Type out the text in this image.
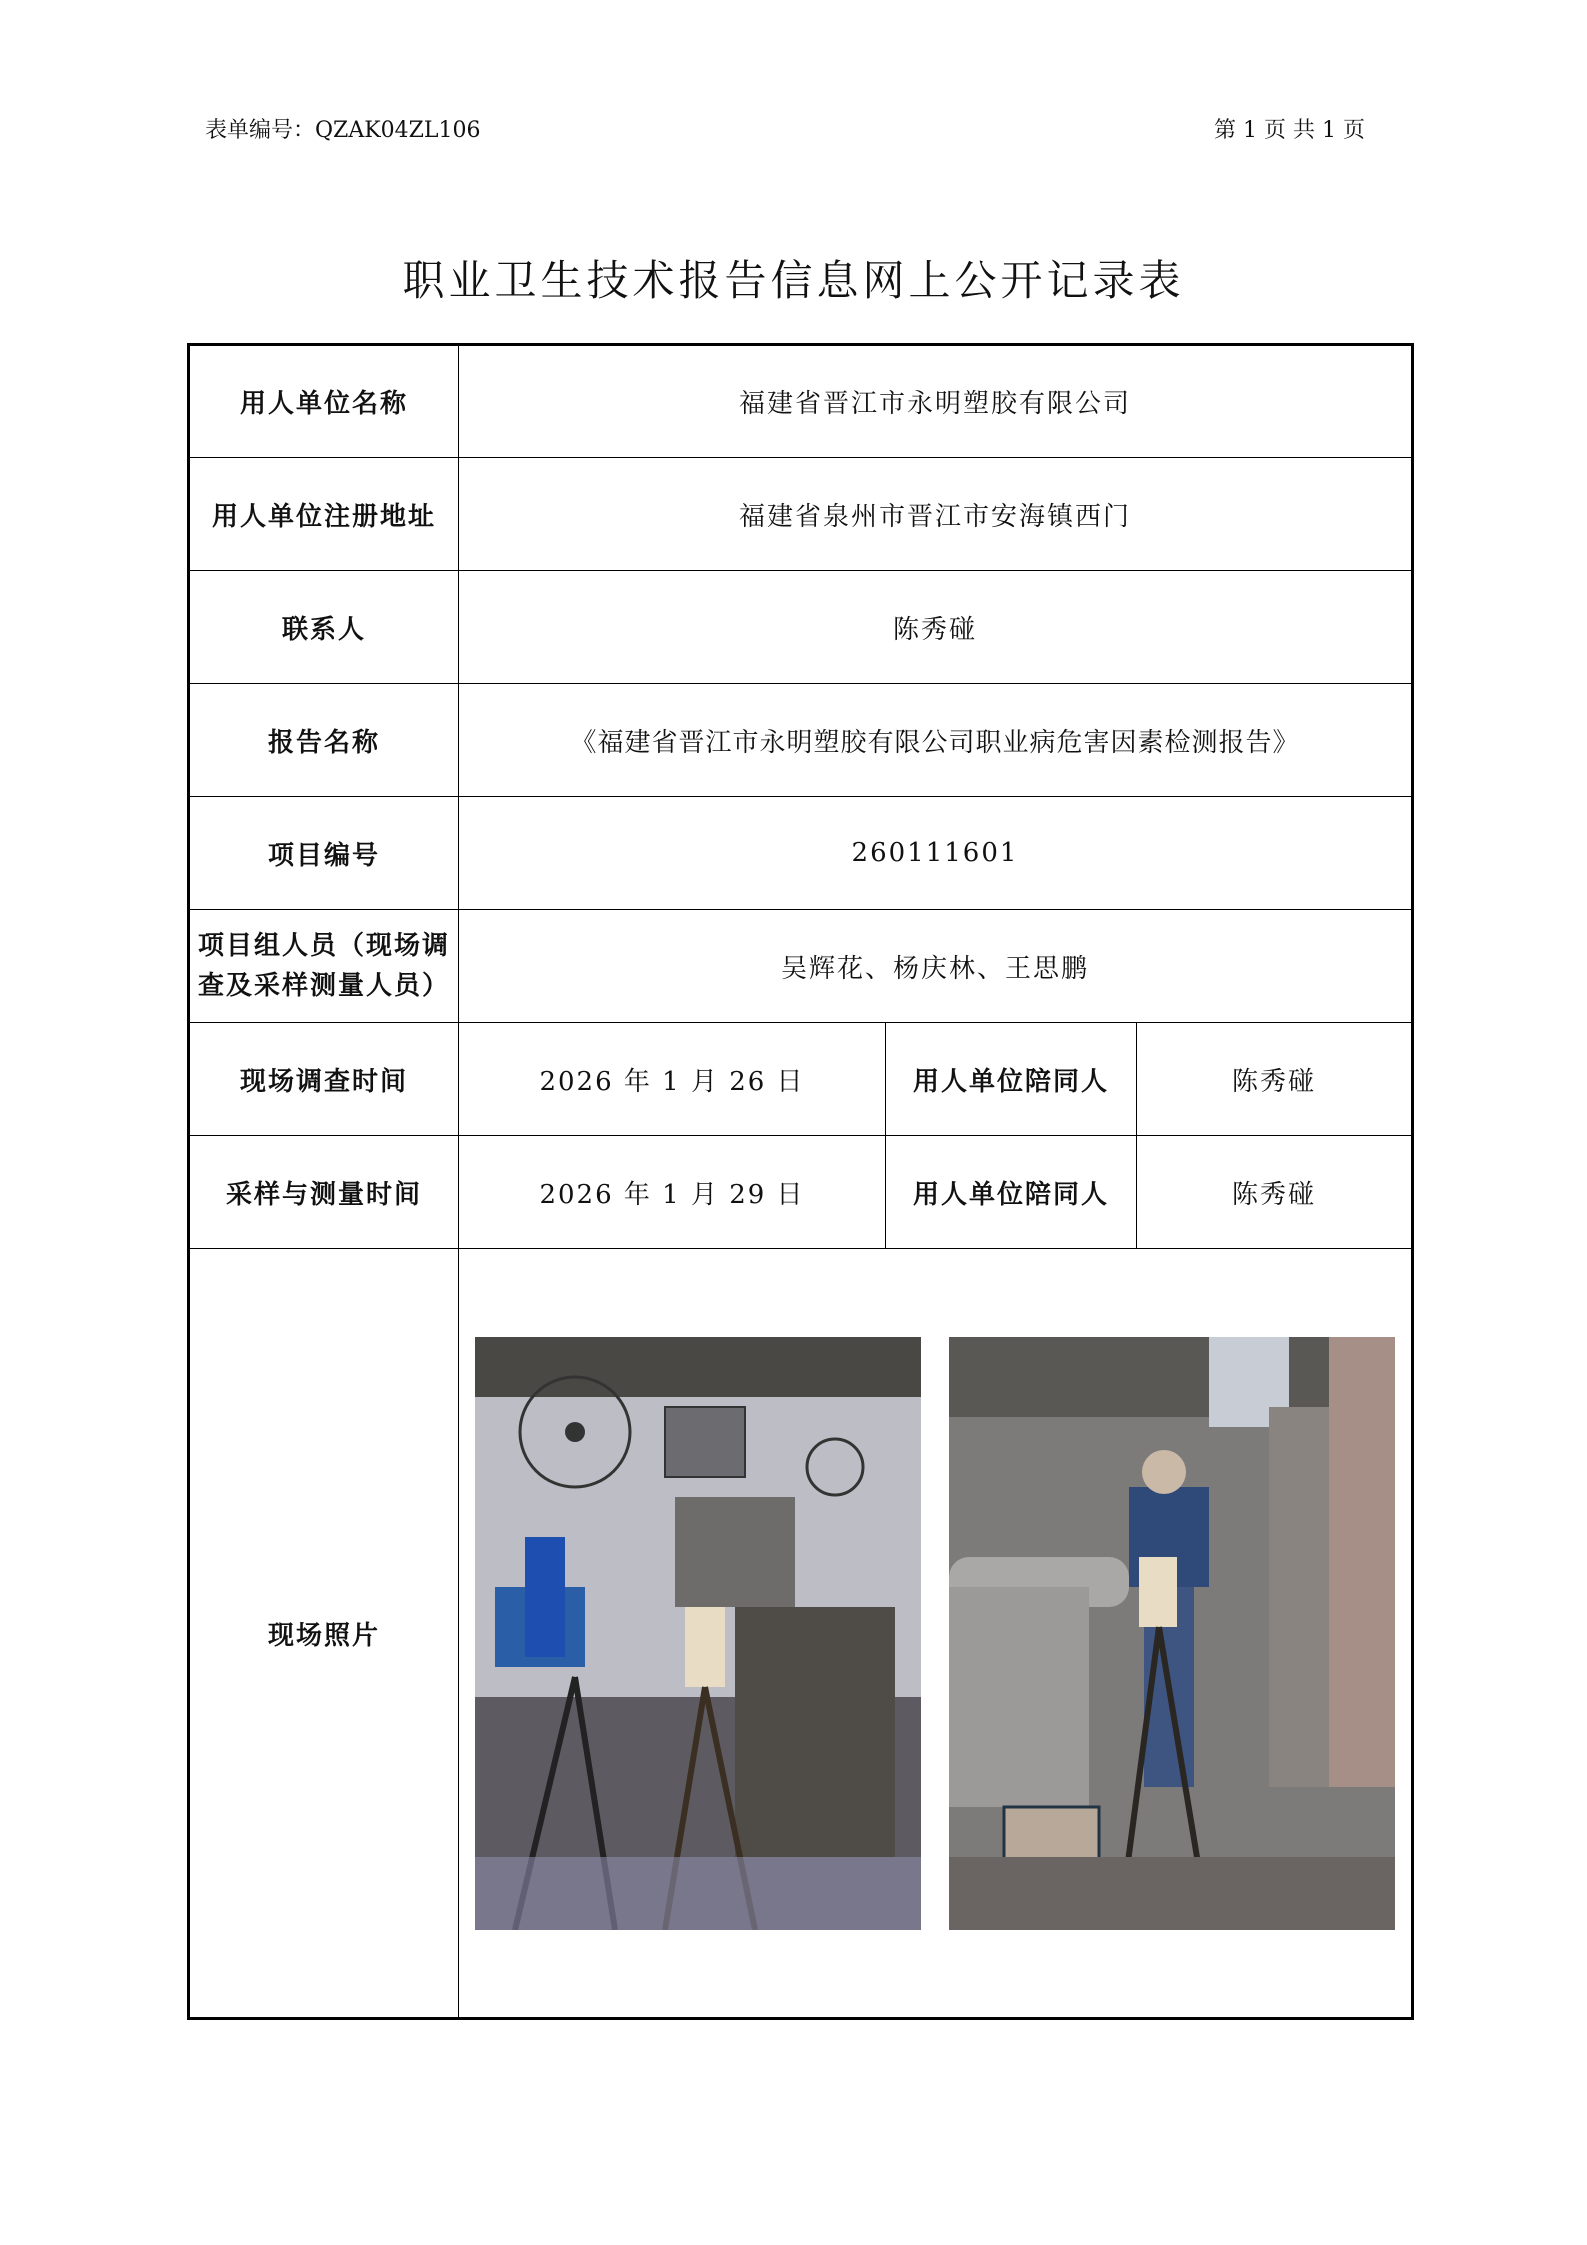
表单编号：QZAK04ZL106	第 1 页 共 1 页
职业卫生技术报告信息网上公开记录表
用人单位名称	福建省晋江市永明塑胶有限公司		
用人单位注册地址	福建省泉州市晋江市安海镇西门		
联系人	陈秀碰		
报告名称	《福建省晋江市永明塑胶有限公司职业病危害因素检测报告》		
项目编号	260111601		
项目组人员（现场调查及采样测量人员）	吴辉花、杨庆林、王思鹏		
现场调查时间	2026 年 1 月 26 日	用人单位陪同人	陈秀碰
采样与测量时间	2026 年 1 月 29 日	用人单位陪同人	陈秀碰
现场照片	
